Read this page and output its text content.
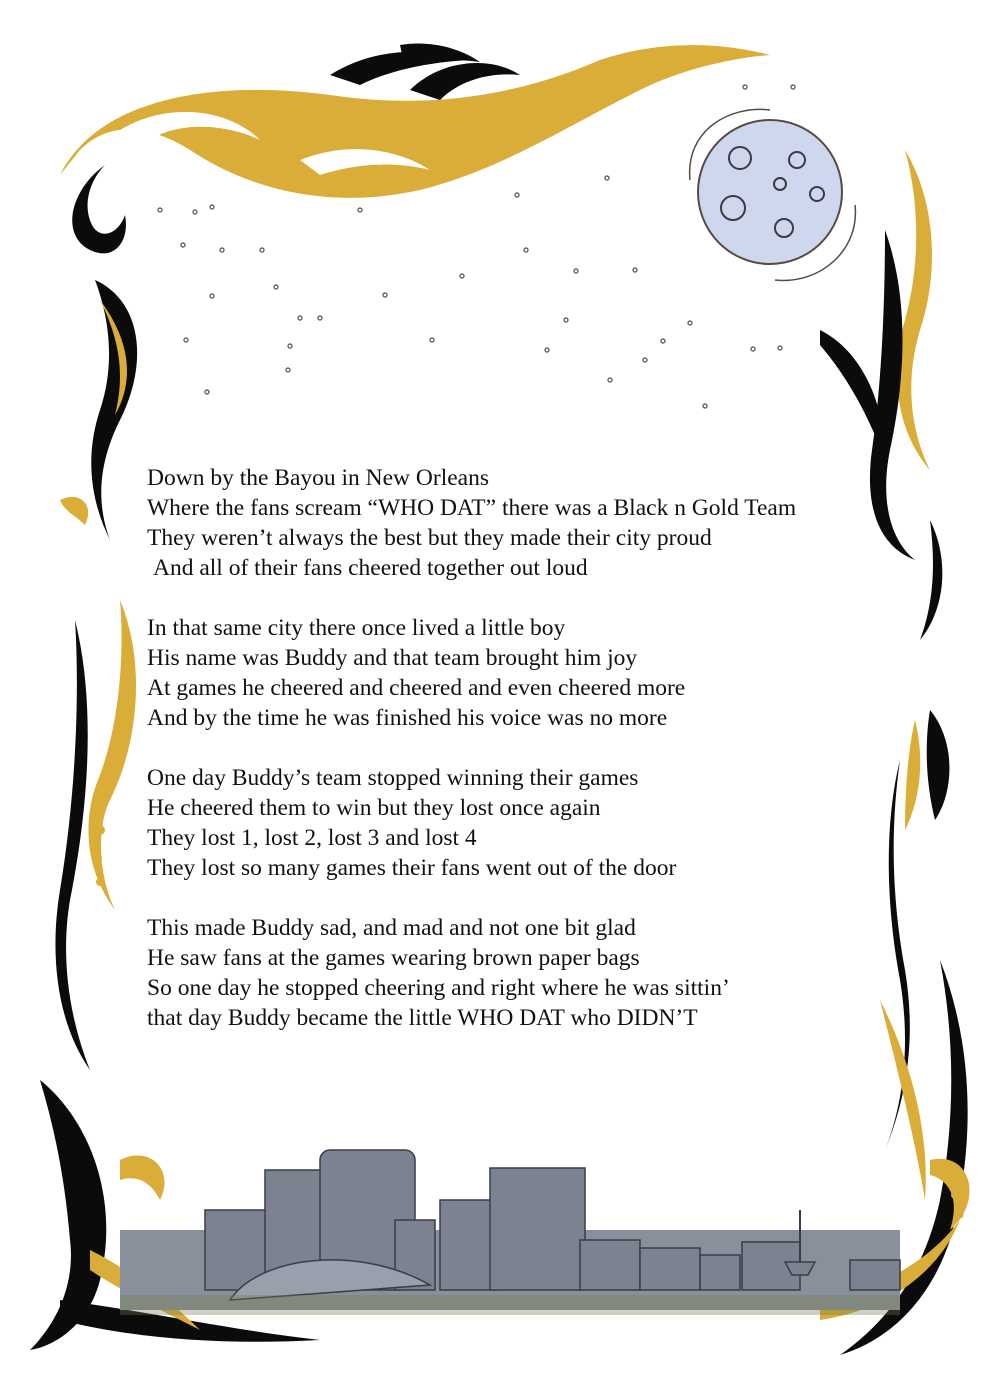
Down by the Bayou in New Orleans
Where the fans scream “WHO DAT” there was a Black n Gold Team
They weren’t always the best but they made their city proud
And all of their fans cheered together out loud
In that same city there once lived a little boy
His name was Buddy and that team brought him joy
At games he cheered and cheered and even cheered more
And by the time he was finished his voice was no more
One day Buddy’s team stopped winning their games
He cheered them to win but they lost once again
They lost 1, lost 2, lost 3 and lost 4
They lost so many games their fans went out of the door
This made Buddy sad, and mad and not one bit glad
He saw fans at the games wearing brown paper bags
So one day he stopped cheering and right where he was sittin’
that day Buddy became the little WHO DAT who DIDN’T
